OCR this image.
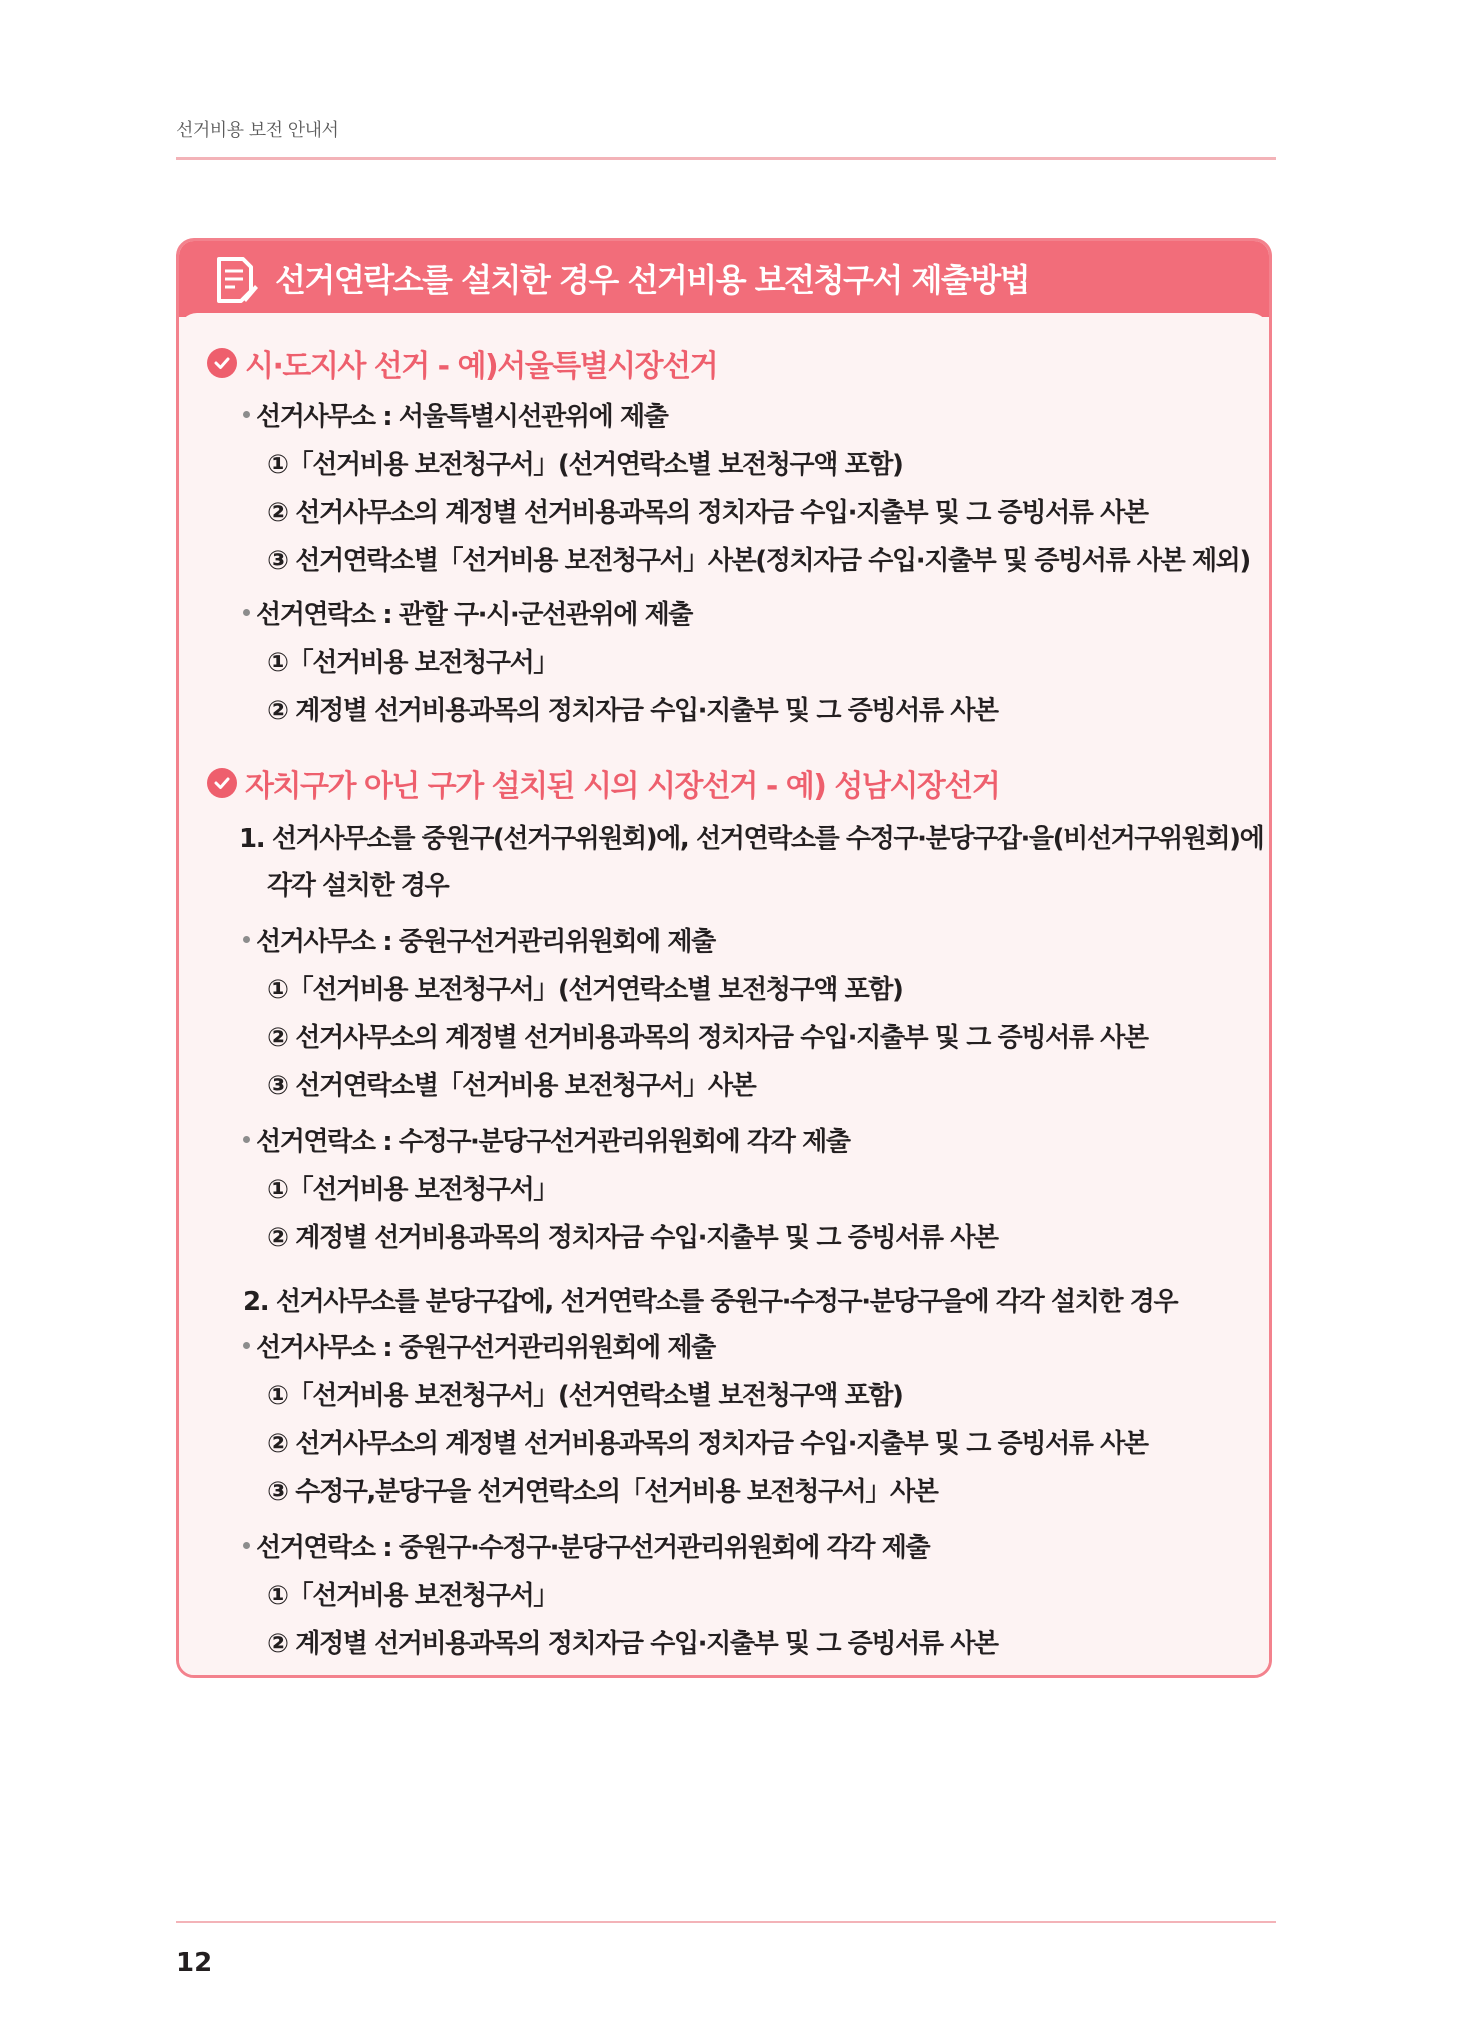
선거비용 보전 안내서
선거연락소를 설치한 경우 선거비용 보전청구서 제출방법
시·도지사 선거 - 예)서울특별시장선거
선거사무소 : 서울특별시선관위에 제출
①「선거비용 보전청구서」(선거연락소별 보전청구액 포함)
② 선거사무소의 계정별 선거비용과목의 정치자금 수입·지출부 및 그 증빙서류 사본
③ 선거연락소별「선거비용 보전청구서」사본(정치자금 수입·지출부 및 증빙서류 사본 제외)
선거연락소 : 관할 구·시·군선관위에 제출
①「선거비용 보전청구서」
② 계정별 선거비용과목의 정치자금 수입·지출부 및 그 증빙서류 사본
자치구가 아닌 구가 설치된 시의 시장선거 - 예) 성남시장선거
1. 선거사무소를 중원구(선거구위원회)에, 선거연락소를 수정구·분당구갑·을(비선거구위원회)에
각각 설치한 경우
선거사무소 : 중원구선거관리위원회에 제출
①「선거비용 보전청구서」(선거연락소별 보전청구액 포함)
② 선거사무소의 계정별 선거비용과목의 정치자금 수입·지출부 및 그 증빙서류 사본
③ 선거연락소별「선거비용 보전청구서」사본
선거연락소 : 수정구·분당구선거관리위원회에 각각 제출
①「선거비용 보전청구서」
② 계정별 선거비용과목의 정치자금 수입·지출부 및 그 증빙서류 사본
2. 선거사무소를 분당구갑에, 선거연락소를 중원구·수정구·분당구을에 각각 설치한 경우
선거사무소 : 중원구선거관리위원회에 제출
①「선거비용 보전청구서」(선거연락소별 보전청구액 포함)
② 선거사무소의 계정별 선거비용과목의 정치자금 수입·지출부 및 그 증빙서류 사본
③ 수정구,분당구을 선거연락소의「선거비용 보전청구서」사본
선거연락소 : 중원구·수정구·분당구선거관리위원회에 각각 제출
①「선거비용 보전청구서」
② 계정별 선거비용과목의 정치자금 수입·지출부 및 그 증빙서류 사본
12
